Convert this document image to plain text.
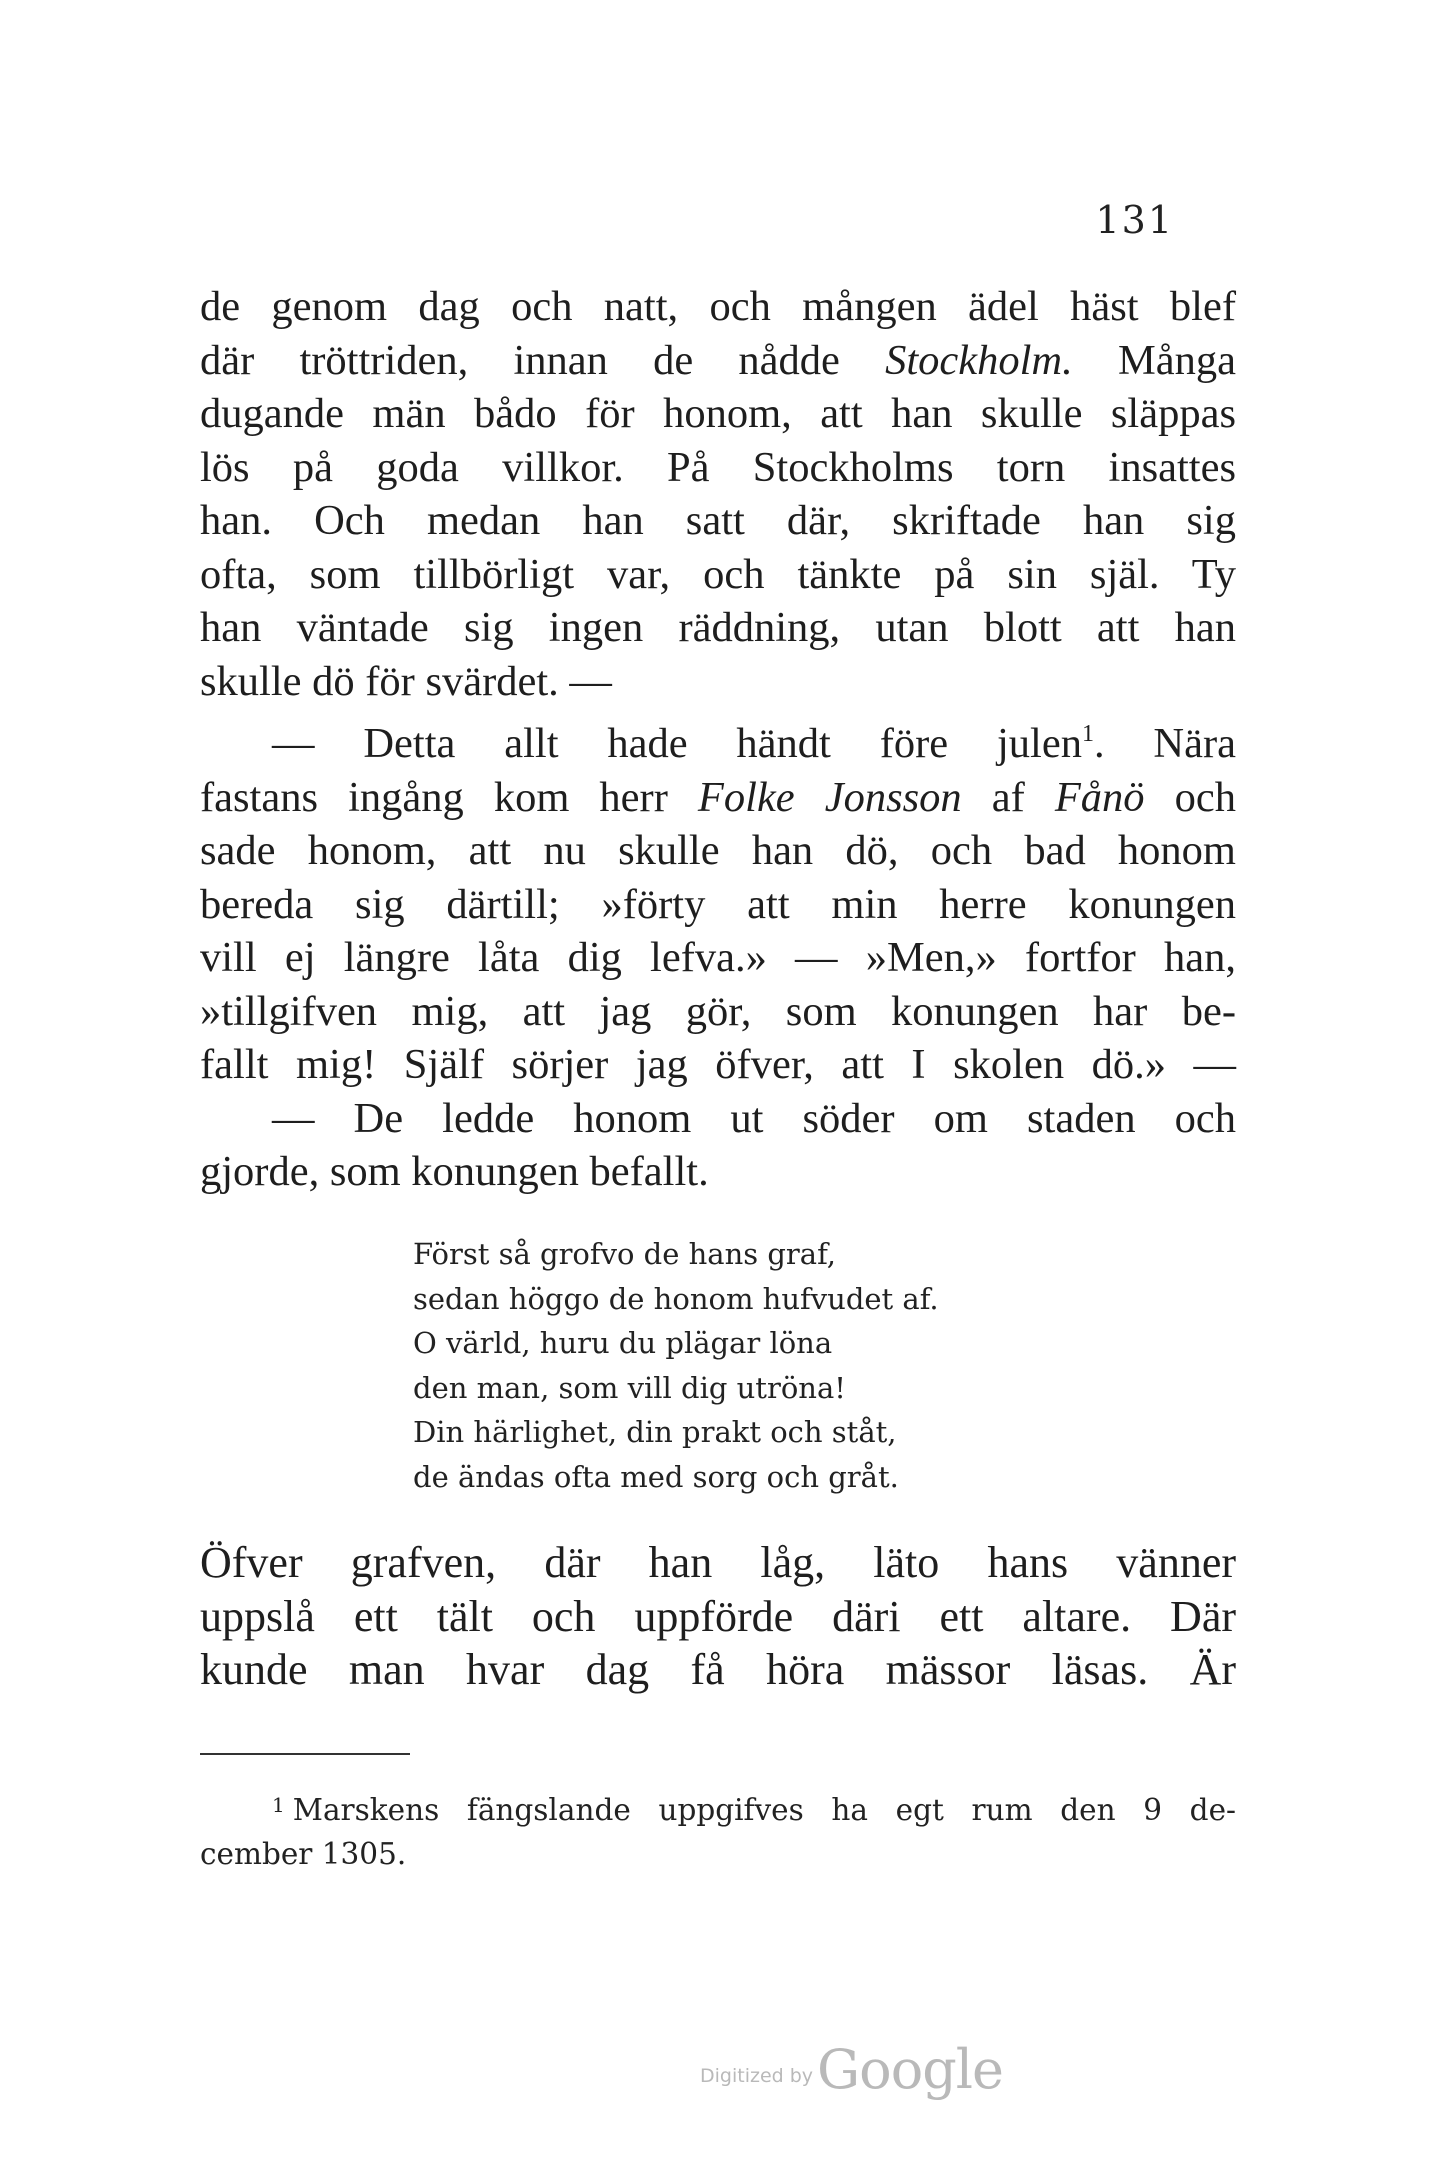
131
de genom dag och natt, och mången ädel häst blef
där tröttriden, innan de nådde Stockholm. Många
dugande män bådo för honom, att han skulle släppas
lös på goda villkor. På Stockholms torn insattes
han. Och medan han satt där, skriftade han sig
ofta, som tillbörligt var, och tänkte på sin själ. Ty
han väntade sig ingen räddning, utan blott att han
skulle dö för svärdet. —
— Detta allt hade händt före julen$^1$. Nära
fastans ingång kom herr Folke Jonsson af Fånö och
sade honom, att nu skulle han dö, och bad honom
bereda sig därtill; »förty att min herre konungen
vill ej längre låta dig lefva.» — »Men,» fortfor han,
»tillgifven mig, att jag gör, som konungen har be-
fallt mig! Själf sörjer jag öfver, att I skolen dö.» —
— De ledde honom ut söder om staden och
gjorde, som konungen befallt.
Först så grofvo de hans graf,
sedan höggo de honom hufvudet af.
O värld, huru du plägar löna
den man, som vill dig utröna!
Din härlighet, din prakt och ståt,
de ändas ofta med sorg och gråt.
Öfver grafven, där han låg, läto hans vänner
uppslå ett tält och uppförde däri ett altare. Där
kunde man hvar dag få höra mässor läsas. Är
$^1$ Marskens fängslande uppgifves ha egt rum den 9 de-
cember 1305.
Digitized byGoogle
